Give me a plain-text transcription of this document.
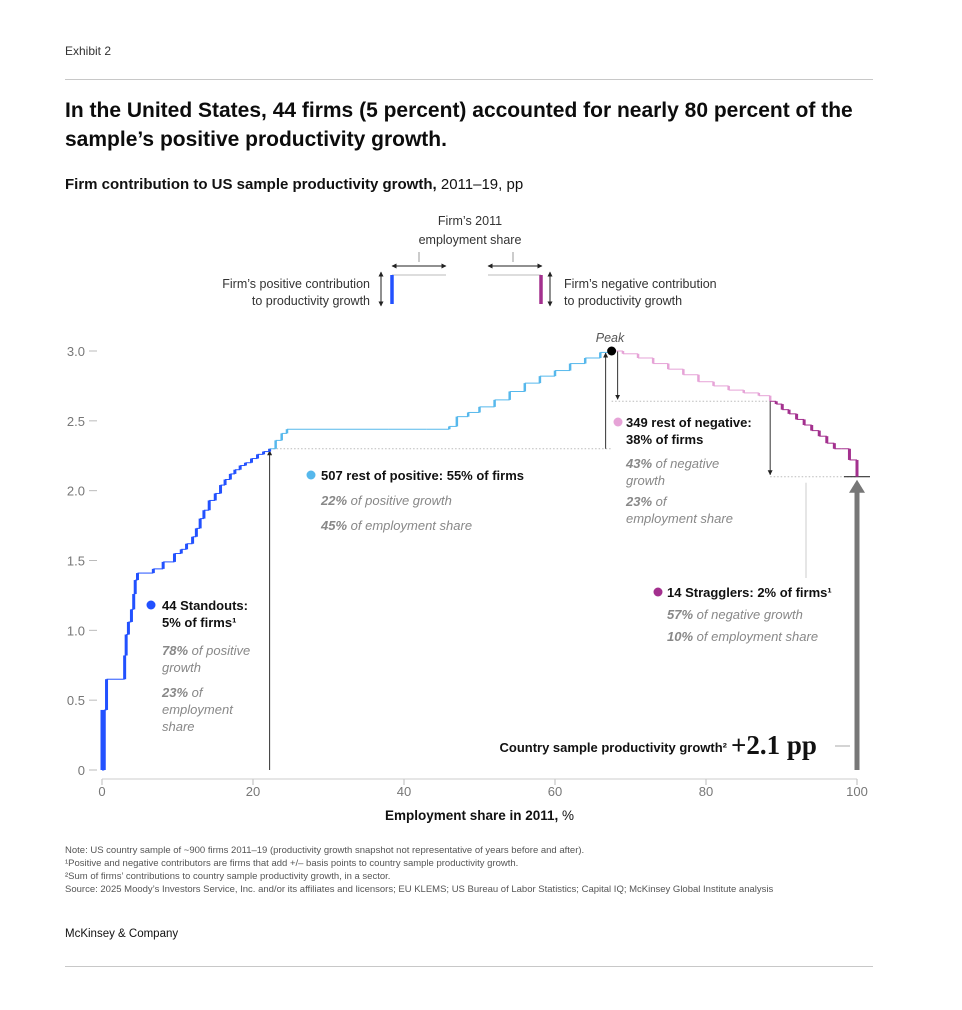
Exhibit 2
In the United States, 44 firms (5 percent) accounted for nearly 80 percent of the sample’s positive productivity growth.
Firm contribution to US sample productivity growth, 2011–19, pp
Firm’s 2011
employment share
Firm’s positive contribution
to productivity growth
Firm’s negative contribution
to productivity growth
0
0.5
1.0
1.5
2.0
2.5
3.0
0	20	40	60	80	100
Employment share in 2011, %
Peak
44 Standouts:
5% of firms¹
78% of positive
growth
23% of
employment
share
507 rest of positive: 55% of firms
22% of positive growth
45% of employment share
349 rest of negative:
38% of firms
43% of negative
growth
23% of
employment share
14 Stragglers: 2% of firms¹
57% of negative growth
10% of employment share
Country sample productivity growth² +2.1 pp
Note: US country sample of ~900 firms 2011–19 (productivity growth snapshot not representative of years before and after).
¹Positive and negative contributors are firms that add +/– basis points to country sample productivity growth.
²Sum of firms’ contributions to country sample productivity growth, in a sector.
Source: 2025 Moody’s Investors Service, Inc. and/or its affiliates and licensors; EU KLEMS; US Bureau of Labor Statistics; Capital IQ; McKinsey Global Institute analysis
McKinsey & Company
